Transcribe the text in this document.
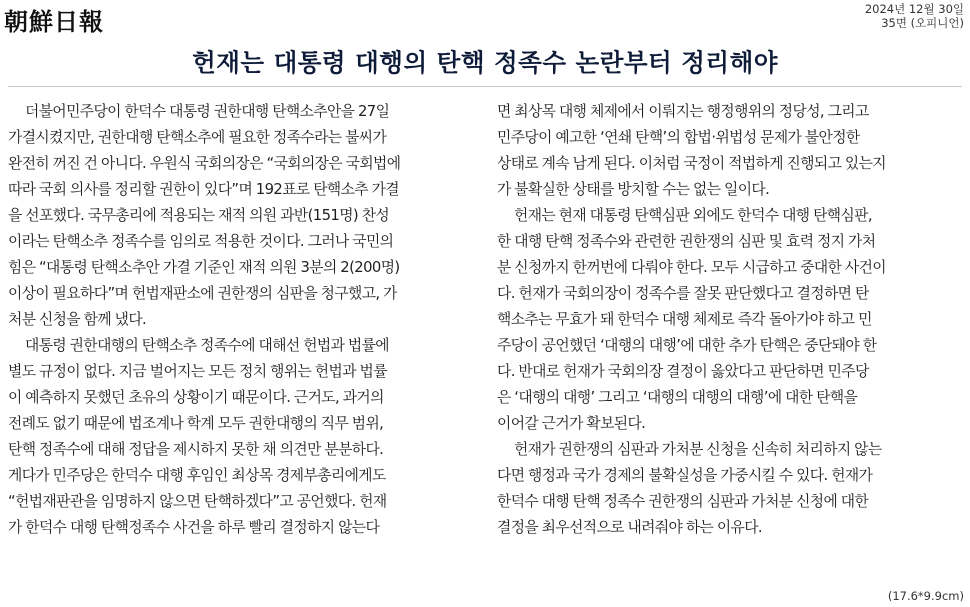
朝鮮日報	2024년 12월 30일
35면 (오피니언)
헌재는 대통령 대행의 탄핵 정족수 논란부터 정리해야
더불어민주당이 한덕수 대통령 권한대행 탄핵소추안을 27일
가결시켰지만, 권한대행 탄핵소추에 필요한 정족수라는 불씨가
완전히 꺼진 건 아니다. 우원식 국회의장은 “국회의장은 국회법에
따라 국회 의사를 정리할 권한이 있다”며 192표로 탄핵소추 가결
을 선포했다. 국무총리에 적용되는 재적 의원 과반(151명) 찬성
이라는 탄핵소추 정족수를 임의로 적용한 것이다. 그러나 국민의
힘은 “대통령 탄핵소추안 가결 기준인 재적 의원 3분의 2(200명)
이상이 필요하다”며 헌법재판소에 권한쟁의 심판을 청구했고, 가
처분 신청을 함께 냈다.
대통령 권한대행의 탄핵소추 정족수에 대해선 헌법과 법률에
별도 규정이 없다. 지금 벌어지는 모든 정치 행위는 헌법과 법률
이 예측하지 못했던 초유의 상황이기 때문이다. 근거도, 과거의
전례도 없기 때문에 법조계나 학계 모두 권한대행의 직무 범위,
탄핵 정족수에 대해 정답을 제시하지 못한 채 의견만 분분하다.
게다가 민주당은 한덕수 대행 후임인 최상목 경제부총리에게도
“헌법재판관을 임명하지 않으면 탄핵하겠다”고 공언했다. 헌재
가 한덕수 대행 탄핵정족수 사건을 하루 빨리 결정하지 않는다
면 최상목 대행 체제에서 이뤄지는 행정행위의 정당성, 그리고
민주당이 예고한 ‘연쇄 탄핵’의 합법·위법성 문제가 불안정한
상태로 계속 남게 된다. 이처럼 국정이 적법하게 진행되고 있는지
가 불확실한 상태를 방치할 수는 없는 일이다.
헌재는 현재 대통령 탄핵심판 외에도 한덕수 대행 탄핵심판,
한 대행 탄핵 정족수와 관련한 권한쟁의 심판 및 효력 정지 가처
분 신청까지 한꺼번에 다뤄야 한다. 모두 시급하고 중대한 사건이
다. 헌재가 국회의장이 정족수를 잘못 판단했다고 결정하면 탄
핵소추는 무효가 돼 한덕수 대행 체제로 즉각 돌아가야 하고 민
주당이 공언했던 ‘대행의 대행’에 대한 추가 탄핵은 중단돼야 한
다. 반대로 헌재가 국회의장 결정이 옳았다고 판단하면 민주당
은 ‘대행의 대행’ 그리고 ‘대행의 대행의 대행’에 대한 탄핵을
이어갈 근거가 확보된다.
헌재가 권한쟁의 심판과 가처분 신청을 신속히 처리하지 않는
다면 행정과 국가 경제의 불확실성을 가중시킬 수 있다. 헌재가
한덕수 대행 탄핵 정족수 권한쟁의 심판과 가처분 신청에 대한
결정을 최우선적으로 내려줘야 하는 이유다.
(17.6*9.9cm)
